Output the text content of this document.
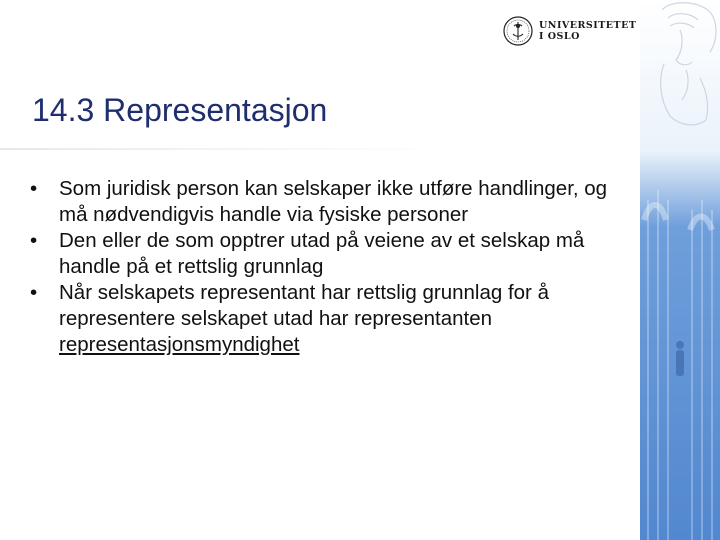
UNIVERSITETET
I OSLO
14.3 Representasjon
• Som juridisk person kan selskaper ikke utføre handlinger, og må nødvendigvis handle via fysiske personer
• Den eller de som opptrer utad på veiene av et selskap må handle på et rettslig grunnlag
• Når selskapets representant har rettslig grunnlag for å representere selskapet utad har representanten representasjonsmyndighet
